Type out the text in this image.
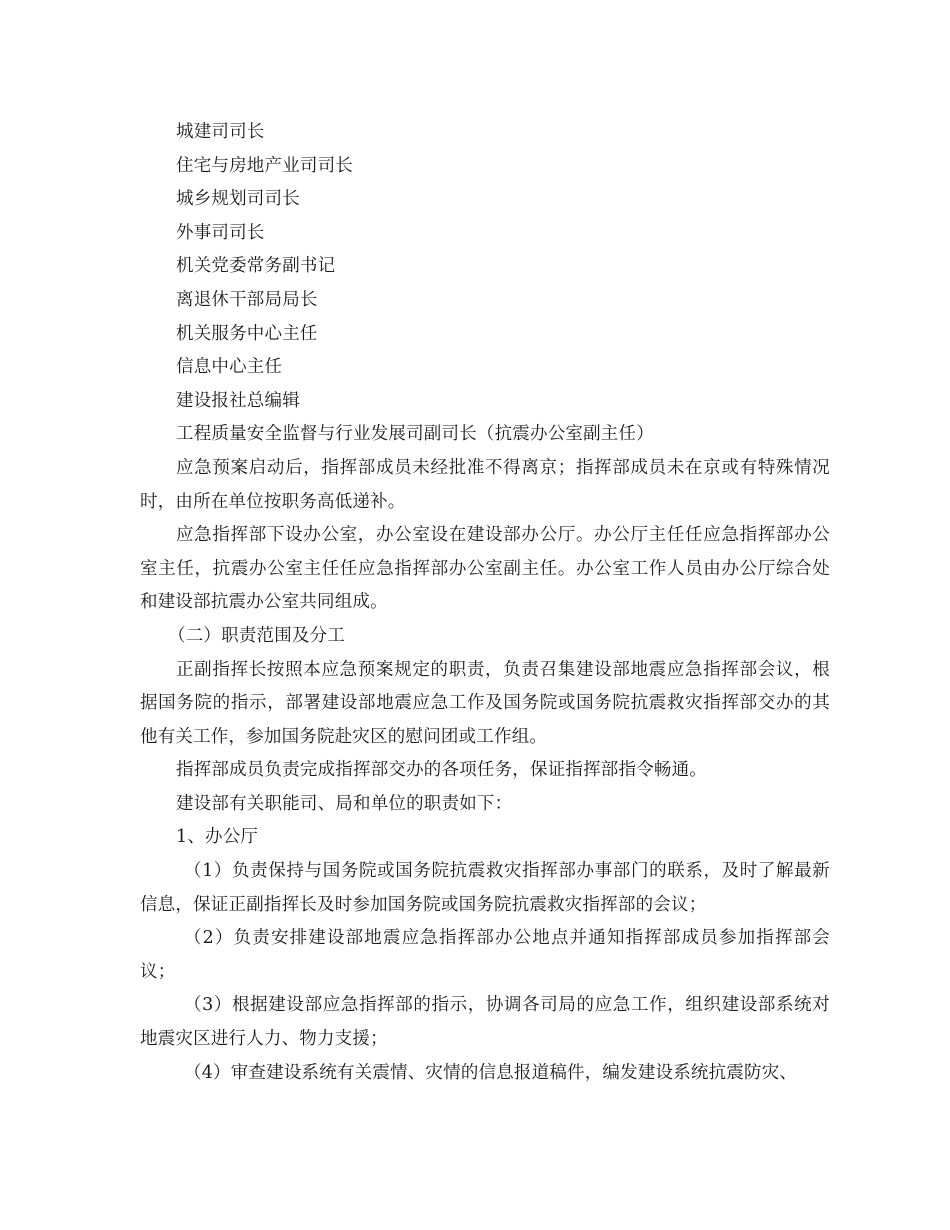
城建司司长

住宅与房地产业司司长

城乡规划司司长

外事司司长

机关党委常务副书记

离退休干部局局长

机关服务中心主任

信息中心主任

建设报社总编辑

工程质量安全监督与行业发展司副司长（抗震办公室副主任）

应急预案启动后，指挥部成员未经批准不得离京；指挥部成员未在京或有特殊情况时，由所在单位按职务高低递补。

应急指挥部下设办公室，办公室设在建设部办公厅。办公厅主任任应急指挥部办公室主任，抗震办公室主任任应急指挥部办公室副主任。办公室工作人员由办公厅综合处和建设部抗震办公室共同组成。

（二）职责范围及分工

正副指挥长按照本应急预案规定的职责，负责召集建设部地震应急指挥部会议，根据国务院的指示，部署建设部地震应急工作及国务院或国务院抗震救灾指挥部交办的其他有关工作，参加国务院赴灾区的慰问团或工作组。

指挥部成员负责完成指挥部交办的各项任务，保证指挥部指令畅通。

建设部有关职能司、局和单位的职责如下：

1、办公厅

（1）负责保持与国务院或国务院抗震救灾指挥部办事部门的联系，及时了解最新信息，保证正副指挥长及时参加国务院或国务院抗震救灾指挥部的会议；

（2）负责安排建设部地震应急指挥部办公地点并通知指挥部成员参加指挥部会议；

（3）根据建设部应急指挥部的指示，协调各司局的应急工作，组织建设部系统对地震灾区进行人力、物力支援；

（4）审查建设系统有关震情、灾情的信息报道稿件，编发建设系统抗震防灾、
